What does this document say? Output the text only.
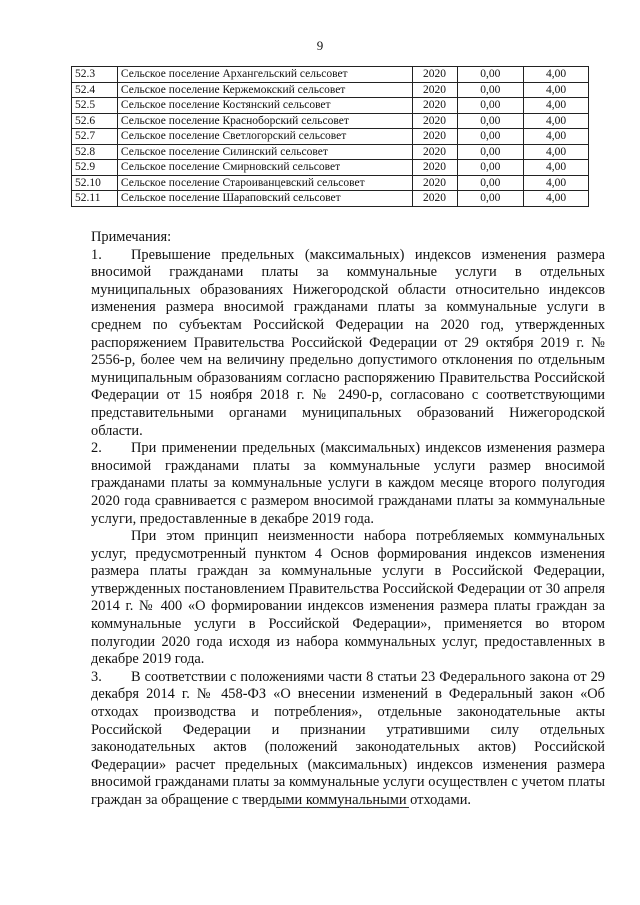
9
52.3	Сельское поселение Архангельский сельсовет	2020	0,00	4,00
52.4	Сельское поселение Кержемокский сельсовет	2020	0,00	4,00
52.5	Сельское поселение Костянский сельсовет	2020	0,00	4,00
52.6	Сельское поселение Красноборский сельсовет	2020	0,00	4,00
52.7	Сельское поселение Светлогорский сельсовет	2020	0,00	4,00
52.8	Сельское поселение Силинский сельсовет	2020	0,00	4,00
52.9	Сельское поселение Смирновский сельсовет	2020	0,00	4,00
52.10	Сельское поселение Староиванцевский сельсовет	2020	0,00	4,00
52.11	Сельское поселение Шараповский сельсовет	2020	0,00	4,00

Примечания:

1. Превышение предельных (максимальных) индексов изменения размера вносимой гражданами платы за коммунальные услуги в отдельных муниципальных образованиях Нижегородской области относительно индексов изменения размера вносимой гражданами платы за коммунальные услуги в среднем по субъектам Российской Федерации на 2020 год, утвержденных распоряжением Правительства Российской Федерации от 29 октября 2019 г. № 2556-р, более чем на величину предельно допустимого отклонения по отдельным муниципальным образованиям согласно распоряжению Правительства Российской Федерации от 15 ноября 2018 г. № 2490-р, согласовано с соответствующими представительными органами муниципальных образований Нижегородской области.

2. При применении предельных (максимальных) индексов изменения размера вносимой гражданами платы за коммунальные услуги размер вносимой гражданами платы за коммунальные услуги в каждом месяце второго полугодия 2020 года сравнивается с размером вносимой гражданами платы за коммунальные услуги, предоставленные в декабре 2019 года.

При этом принцип неизменности набора потребляемых коммунальных услуг, предусмотренный пунктом 4 Основ формирования индексов изменения размера платы граждан за коммунальные услуги в Российской Федерации, утвержденных постановлением Правительства Российской Федерации от 30 апреля 2014 г. № 400 «О формировании индексов изменения размера платы граждан за коммунальные услуги в Российской Федерации», применяется во втором полугодии 2020 года исходя из набора коммунальных услуг, предоставленных в декабре 2019 года.

3. В соответствии с положениями части 8 статьи 23 Федерального закона от 29 декабря 2014 г. № 458-ФЗ «О внесении изменений в Федеральный закон «Об отходах производства и потребления», отдельные законодательные акты Российской Федерации и признании утратившими силу отдельных законодательных актов (положений законодательных актов) Российской Федерации» расчет предельных (максимальных) индексов изменения размера вносимой гражданами платы за коммунальные услуги осуществлен с учетом платы граждан за обращение с твердыми коммунальными отходами.
